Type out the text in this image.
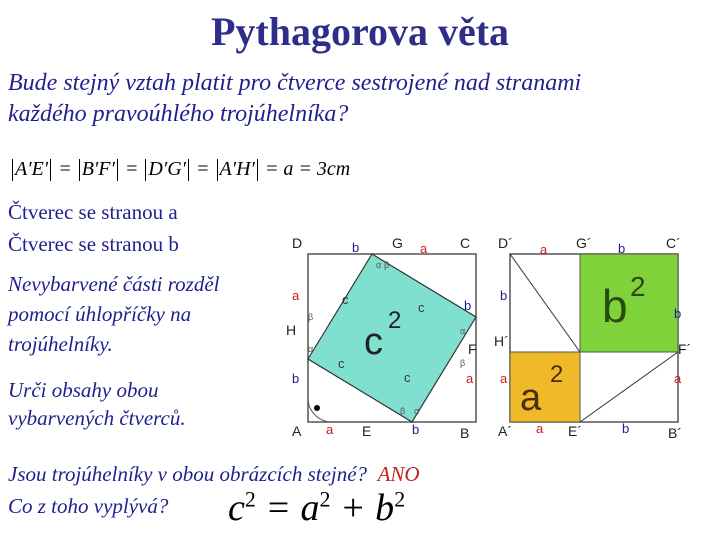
Pythagorova věta
Bude stejný vztah platit pro čtverce sestrojené nad stranami
každého pravoúhlého trojúhelníka?
A′E′ = B′F′ = D′G′ = A′H′ = a = 3cm
Čtverec se stranou a
Čtverec se stranou b
Nevybarvené části rozděl
pomocí úhlopříčky na
trojúhelníky.
Urči obsahy obou
vybarvených čtverců.
Jsou trojúhelníky v obou obrázcích stejné? ANO
Co z toho vyplývá? $c^2 = a^2 + b^2$
D	G	C
H
F
A	E	B
b	a
a
b
b
a
a	b
c
c
c
c
c
2
α β
β
α
α
β
β α
D´	G´	C´
H´	F´
A´	E´	B´
a	b
b
a
b
a
a	b
b 2
a
2
